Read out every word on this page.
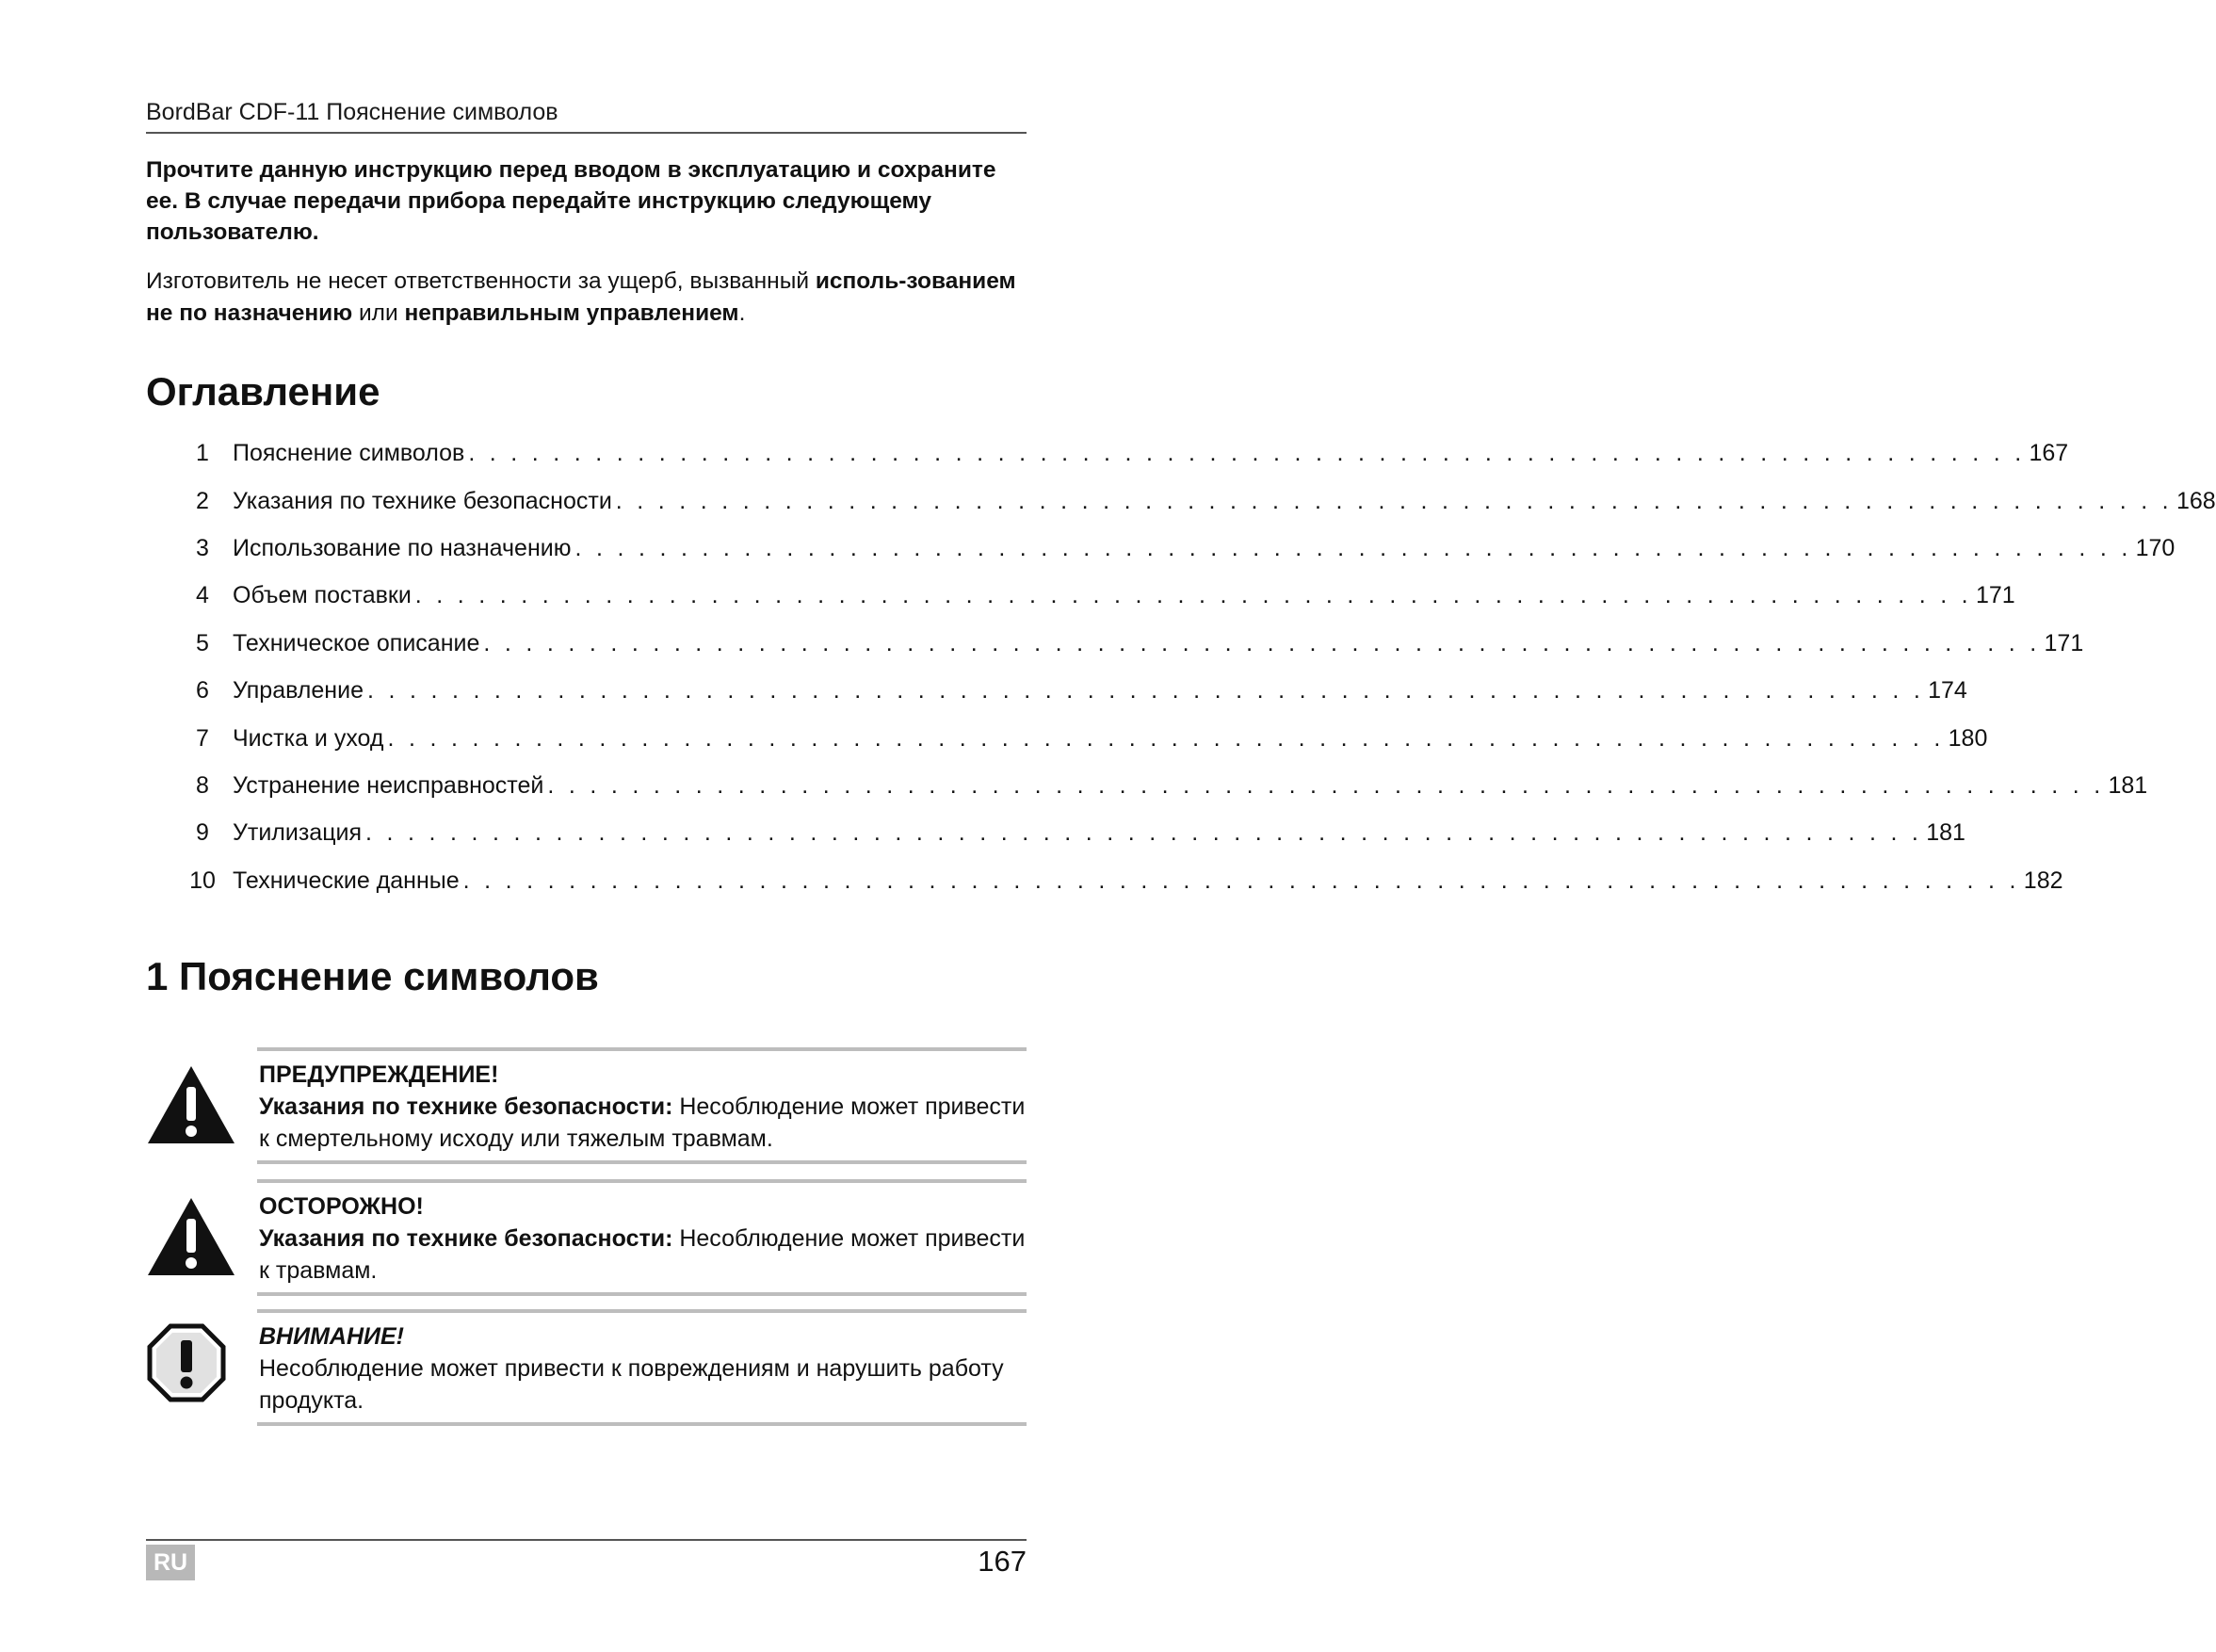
BordBar CDF-11 Пояснение символов

Прочтите данную инструкцию перед вводом в эксплуатацию и сохраните ее. В случае передачи прибора передайте инструкцию следующему пользователю.

Изготовитель не несет ответственности за ущерб, вызванный исполь-зованием не по назначению или неправильным управлением.

Оглавление
1	Пояснение символов . . . . . . . . . . . . . . . . . . . . . . . . . . . . . . . . . . . . . . . . . . . . . . . . . . . . . . . . . . . . . . . . . . . . . . . . . . 167
2	Указания по технике безопасности . . . . . . . . . . . . . . . . . . . . . . . . . . . . . . . . . . . . . . . . . . . . . . . . . . . . . . . . . . . . . . . . . . . . . . . . . . 168
3	Использование по назначению . . . . . . . . . . . . . . . . . . . . . . . . . . . . . . . . . . . . . . . . . . . . . . . . . . . . . . . . . . . . . . . . . . . . . . . . . . 170
4	Объем поставки . . . . . . . . . . . . . . . . . . . . . . . . . . . . . . . . . . . . . . . . . . . . . . . . . . . . . . . . . . . . . . . . . . . . . . . . . . 171
5	Техническое описание . . . . . . . . . . . . . . . . . . . . . . . . . . . . . . . . . . . . . . . . . . . . . . . . . . . . . . . . . . . . . . . . . . . . . . . . . . 171
6	Управление . . . . . . . . . . . . . . . . . . . . . . . . . . . . . . . . . . . . . . . . . . . . . . . . . . . . . . . . . . . . . . . . . . . . . . . . . . 174
7	Чистка и уход . . . . . . . . . . . . . . . . . . . . . . . . . . . . . . . . . . . . . . . . . . . . . . . . . . . . . . . . . . . . . . . . . . . . . . . . . . 180
8	Устранение неисправностей . . . . . . . . . . . . . . . . . . . . . . . . . . . . . . . . . . . . . . . . . . . . . . . . . . . . . . . . . . . . . . . . . . . . . . . . . . 181
9	Утилизация . . . . . . . . . . . . . . . . . . . . . . . . . . . . . . . . . . . . . . . . . . . . . . . . . . . . . . . . . . . . . . . . . . . . . . . . . . 181
10 Технические данные . . . . . . . . . . . . . . . . . . . . . . . . . . . . . . . . . . . . . . . . . . . . . . . . . . . . . . . . . . . . . . . . . . . . . . . . . . 182
1 Пояснение символов
ПРЕДУПРЕЖДЕНИЕ!
Указания по технике безопасности: Несоблюдение может привести к смертельному исходу или тяжелым травмам.
ОСТОРОЖНО!
Указания по технике безопасности: Несоблюдение может привести к травмам.
ВНИМАНИЕ!
Несоблюдение может привести к повреждениям и нарушить работу продукта.
RU	167
